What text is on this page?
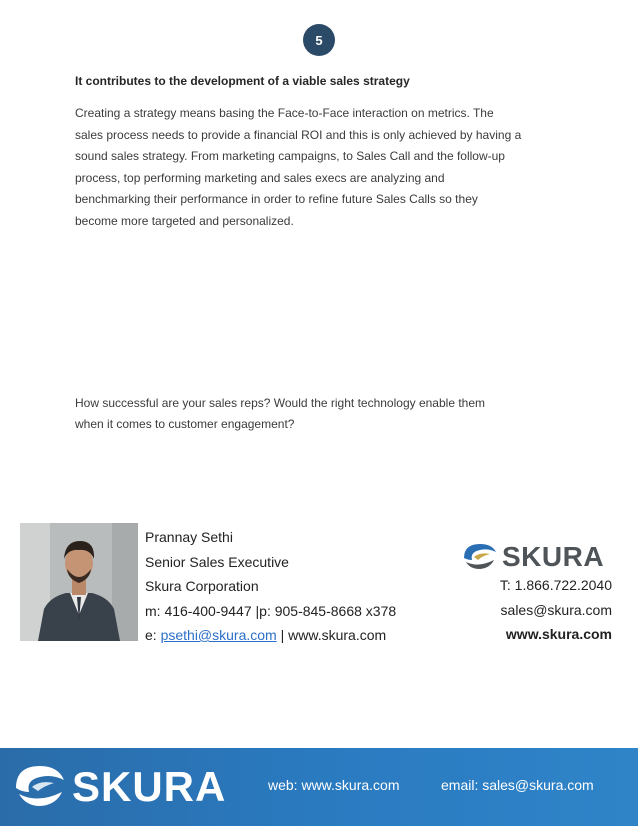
5
It contributes to the development of a viable sales strategy

Creating a strategy means basing the Face-to-Face interaction on metrics. The
sales process needs to provide a financial ROI and this is only achieved by having a
sound sales strategy. From marketing campaigns, to Sales Call and the follow-up
process, top performing marketing and sales execs are analyzing and
benchmarking their performance in order to refine future Sales Calls so they
become more targeted and personalized.

How successful are your sales reps? Would the right technology enable them
when it comes to customer engagement?

Prannay Sethi
Senior Sales Executive
Skura Corporation
m: 416-400-9447 |p: 905-845-8668 x378
e: psethi@skura.com | www.skura.com
SKURA
T: 1.866.722.2040
sales@skura.com
www.skura.com
SKURA	web: www.skura.com	email: sales@skura.com
